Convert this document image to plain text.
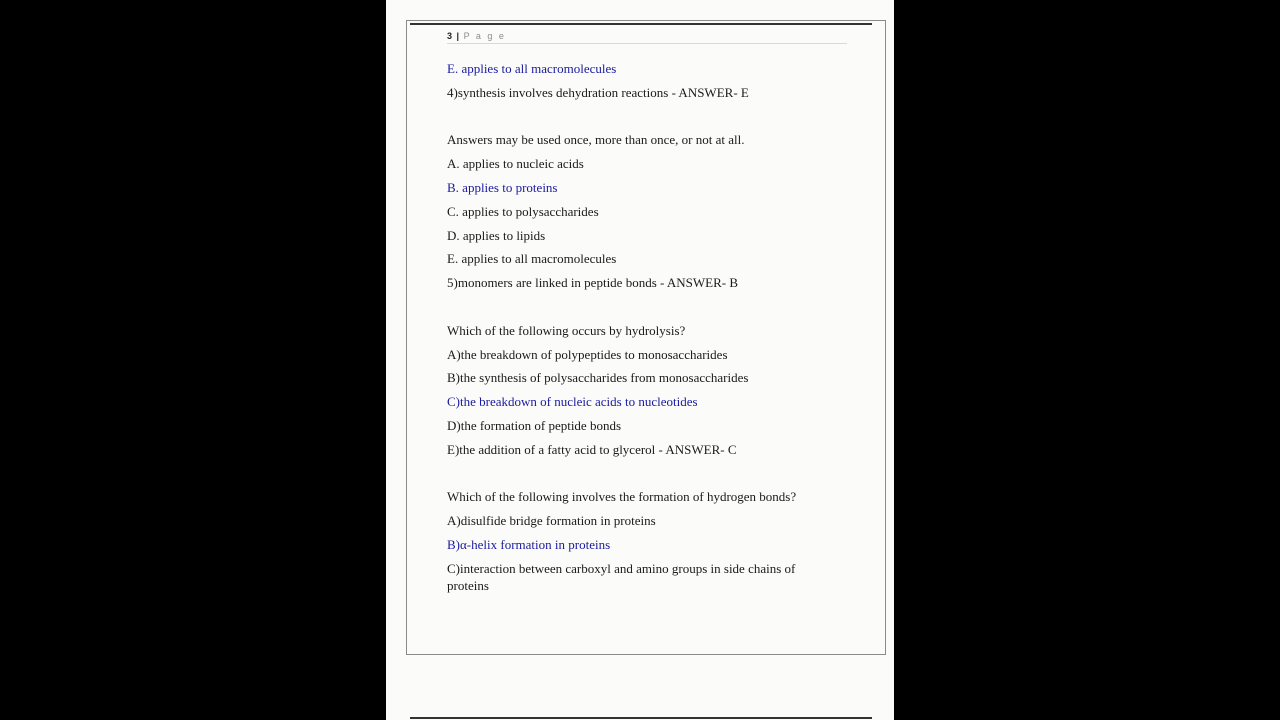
3 | P a g e
E. applies to all macromolecules
4)synthesis involves dehydration reactions - ANSWER- E
Answers may be used once, more than once, or not at all.
A. applies to nucleic acids
B. applies to proteins
C. applies to polysaccharides
D. applies to lipids
E. applies to all macromolecules
5)monomers are linked in peptide bonds - ANSWER- B
Which of the following occurs by hydrolysis?
A)the breakdown of polypeptides to monosaccharides
B)the synthesis of polysaccharides from monosaccharides
C)the breakdown of nucleic acids to nucleotides
D)the formation of peptide bonds
E)the addition of a fatty acid to glycerol - ANSWER- C
Which of the following involves the formation of hydrogen bonds?
A)disulfide bridge formation in proteins
B)α-helix formation in proteins
C)interaction between carboxyl and amino groups in side chains of proteins
